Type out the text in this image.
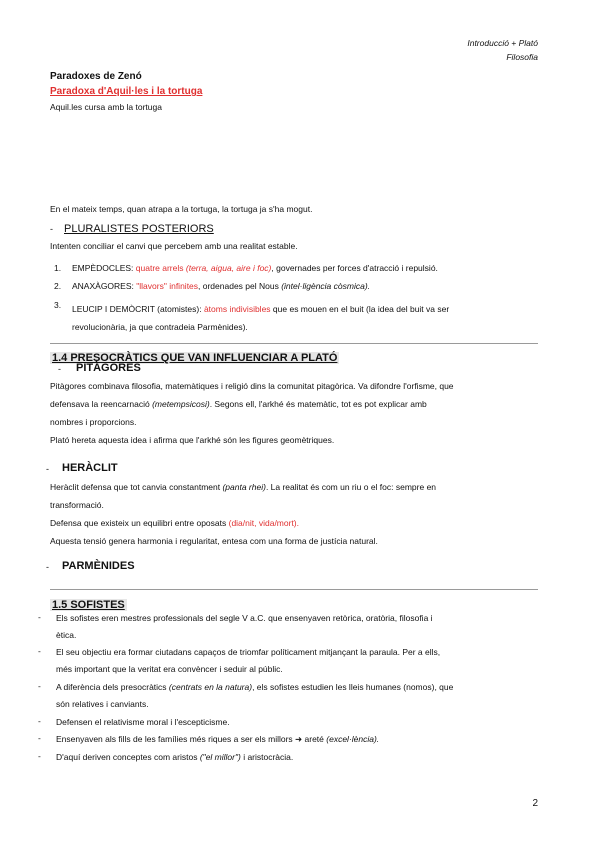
Introducció + Plató
Filosofia
Paradoxes de Zenó
Paradoxa d'Aquil·les i la tortuga
Aquil.les cursa amb la tortuga
En el mateix temps, quan atrapa a la tortuga, la tortuga ja s'ha mogut.
- PLURALISTES POSTERIORS
Intenten conciliar el canvi que percebem amb una realitat estable.
1. EMPÈDOCLES: quatre arrels (terra, aigua, aire i foc), governades per forces d'atracció i repulsió.
2. ANAXÀGORES: "llavors" infinites, ordenades pel Nous (intel·ligència còsmica).
3. LEUCIP I DEMÒCRIT (atomistes): àtoms indivisibles que es mouen en el buit (la idea del buit va ser
revolucionària, ja que contradeia Parmènides).
1.4 PRESOCRÀTICS QUE VAN INFLUENCIAR A PLATÓ
- PITÀGORES
Pitàgores combinava filosofia, matemàtiques i religió dins la comunitat pitagòrica. Va difondre l'orfisme, que
defensava la reencarnació (metempsicosi). Segons ell, l'arkhé és matemàtic, tot es pot explicar amb
nombres i proporcions.
Plató hereta aquesta idea i afirma que l'arkhé són les figures geomètriques.
- HERÀCLIT
Heràclit defensa que tot canvia constantment (panta rhei). La realitat és com un riu o el foc: sempre en
transformació.
Defensa que existeix un equilibri entre oposats (dia/nit, vida/mort).
Aquesta tensió genera harmonia i regularitat, entesa com una forma de justícia natural.
- PARMÈNIDES
1.5 SOFISTES
- Els sofistes eren mestres professionals del segle V a.C. que ensenyaven retòrica, oratòria, filosofia i
ètica.
- El seu objectiu era formar ciutadans capaços de triomfar políticament mitjançant la paraula. Per a ells,
més important que la veritat era convèncer i seduir al públic.
- A diferència dels presocràtics (centrats en la natura), els sofistes estudien les lleis humanes (nomos), que
són relatives i canviants.
- Defensen el relativisme moral i l'escepticisme.
- Ensenyaven als fills de les famílies més riques a ser els millors ➜ areté (excel·lència).
- D'aquí deriven conceptes com aristos ("el millor") i aristocràcia.
2
